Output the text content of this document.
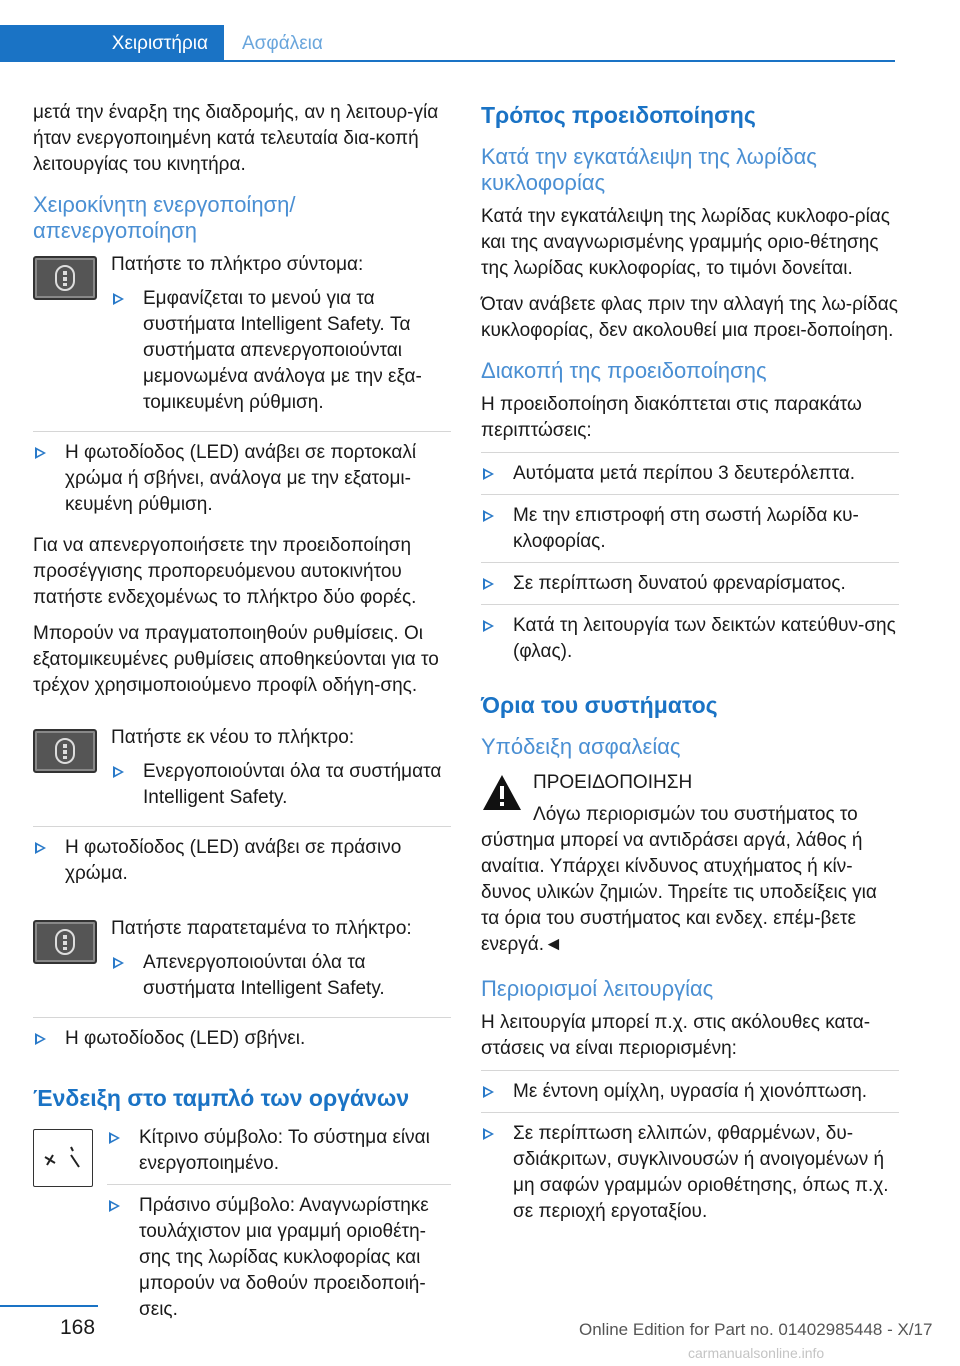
Χειριστήρια Ασφάλεια

μετά την έναρξη της διαδρομής, αν η λειτουρ‐γία ήταν ενεργοποιημένη κατά τελευταία δια‐κοπή λειτουργίας του κινητήρα.

Χειροκίνητη ενεργοποίηση/ απενεργοποίηση

Πατήστε το πλήκτρο σύντομα:

Εμφανίζεται το μενού για τα συστήματα Intelligent Safety. Τα συστήματα απενεργοποιούνται μεμονωμένα ανάλογα με την εξα‐τομικευμένη ρύθμιση.
Η φωτοδίοδος (LED) ανάβει σε πορτοκαλί χρώμα ή σβήνει, ανάλογα με την εξατομι‐κευμένη ρύθμιση.

Για να απενεργοποιήσετε την προειδοποίηση προσέγγισης προπορευόμενου αυτοκινήτου πατήστε ενδεχομένως το πλήκτρο δύο φορές.

Μπορούν να πραγματοποιηθούν ρυθμίσεις. Οι εξατομικευμένες ρυθμίσεις αποθηκεύονται για το τρέχον χρησιμοποιούμενο προφίλ οδήγη‐σης.

Πατήστε εκ νέου το πλήκτρο:

Ενεργοποιούνται όλα τα συστήματα Intelligent Safety.
Η φωτοδίοδος (LED) ανάβει σε πράσινο χρώμα.

Πατήστε παρατεταμένα το πλήκτρο:

Απενεργοποιούνται όλα τα συστήματα Intelligent Safety.
Η φωτοδίοδος (LED) σβήνει.
Ένδειξη στο ταμπλό των οργάνων
Κίτρινο σύμβολο: Το σύστημα είναι ενεργοποιημένο.
Πράσινο σύμβολο: Αναγνωρίστηκε τουλάχιστον μια γραμμή οριοθέτη‐σης της λωρίδας κυκλοφορίας και μπορούν να δοθούν προειδοποιή‐σεις.
Τρόπος προειδοποίησης
Κατά την εγκατάλειψη της λωρίδας κυκλοφορίας

Κατά την εγκατάλειψη της λωρίδας κυκλοφο‐ρίας και της αναγνωρισμένης γραμμής οριο‐θέτησης της λωρίδας κυκλοφορίας, το τιμόνι δονείται.

Όταν ανάβετε φλας πριν την αλλαγή της λω‐ρίδας κυκλοφορίας, δεν ακολουθεί μια προει‐δοποίηση.

Διακοπή της προειδοποίησης

Η προειδοποίηση διακόπτεται στις παρακάτω περιπτώσεις:

Αυτόματα μετά περίπου 3 δευτερόλεπτα.
Με την επιστροφή στη σωστή λωρίδα κυ‐κλοφορίας.
Σε περίπτωση δυνατού φρεναρίσματος.
Κατά τη λειτουργία των δεικτών κατεύθυν‐σης (φλας).
Όρια του συστήματος
Υπόδειξη ασφαλείας

ΠΡΟΕΙΔΟΠΟΙΗΣΗ

Λόγω περιορισμών του συστήματος το

σύστημα μπορεί να αντιδράσει αργά, λάθος ή αναίτια. Υπάρχει κίνδυνος ατυχήματος ή κίν‐δυνος υλικών ζημιών. Τηρείτε τις υποδείξεις για τα όρια του συστήματος και ενδεχ. επέμ‐βετε ενεργά.◄

Περιορισμοί λειτουργίας

Η λειτουργία μπορεί π.χ. στις ακόλουθες κατα‐στάσεις να είναι περιορισμένη:

Με έντονη ομίχλη, υγρασία ή χιονόπτωση.
Σε περίπτωση ελλιπών, φθαρμένων, δυ‐σδιάκριτων, συγκλινουσών ή ανοιγομένων ή μη σαφών γραμμών οριοθέτησης, όπως π.χ. σε περιοχή εργοταξίου.
168	Online Edition for Part no. 01402985448 - X/17
carmanualsonline.info
